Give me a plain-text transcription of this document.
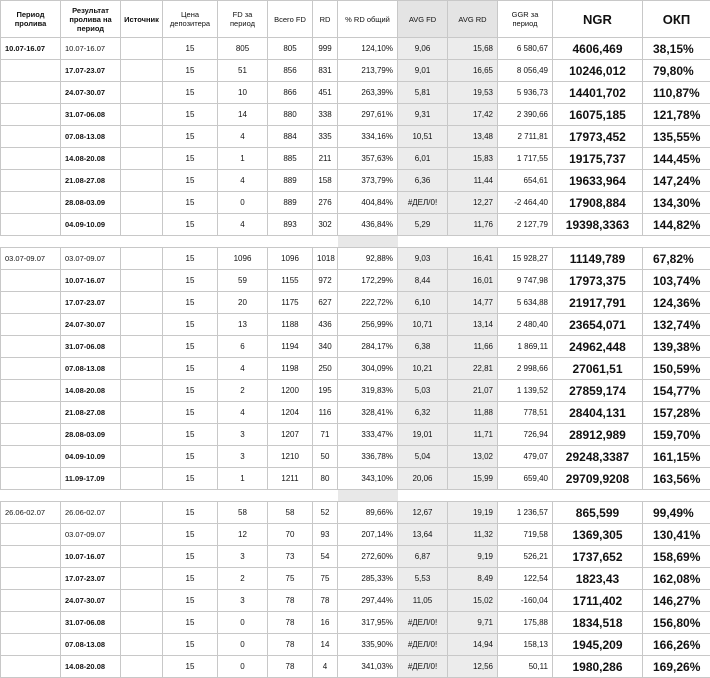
Период пролива	Результат пролива на период	Источник	Цена депозитера	FD за период	Всего FD	RD	% RD общий	AVG FD	AVG RD	GGR за период	NGR	ОКП
10.07-16.07	10.07-16.07		15	805	805	999	124,10%	9,06	15,68	6 580,67	4606,469	38,15%
	17.07-23.07		15	51	856	831	213,79%	9,01	16,65	8 056,49	10246,012	79,80%
	24.07-30.07		15	10	866	451	263,39%	5,81	19,53	5 936,73	14401,702	110,87%
	31.07-06.08		15	14	880	338	297,61%	9,31	17,42	2 390,66	16075,185	121,78%
	07.08-13.08		15	4	884	335	334,16%	10,51	13,48	2 711,81	17973,452	135,55%
	14.08-20.08		15	1	885	211	357,63%	6,01	15,83	1 717,55	19175,737	144,45%
	21.08-27.08		15	4	889	158	373,79%	6,36	11,44	654,61	19633,964	147,24%
	28.08-03.09		15	0	889	276	404,84%	#ДЕЛ/0!	12,27	-2 464,40	17908,884	134,30%
	04.09-10.09		15	4	893	302	436,84%	5,29	11,76	2 127,79	19398,3363	144,82%

03.07-09.07	03.07-09.07		15	1096	1096	1018	92,88%	9,03	16,41	15 928,27	11149,789	67,82%
	10.07-16.07		15	59	1155	972	172,29%	8,44	16,01	9 747,98	17973,375	103,74%
	17.07-23.07		15	20	1175	627	222,72%	6,10	14,77	5 634,88	21917,791	124,36%
	24.07-30.07		15	13	1188	436	256,99%	10,71	13,14	2 480,40	23654,071	132,74%
	31.07-06.08		15	6	1194	340	284,17%	6,38	11,66	1 869,11	24962,448	139,38%
	07.08-13.08		15	4	1198	250	304,09%	10,21	22,81	2 998,66	27061,51	150,59%
	14.08-20.08		15	2	1200	195	319,83%	5,03	21,07	1 139,52	27859,174	154,77%
	21.08-27.08		15	4	1204	116	328,41%	6,32	11,88	778,51	28404,131	157,28%
	28.08-03.09		15	3	1207	71	333,47%	19,01	11,71	726,94	28912,989	159,70%
	04.09-10.09		15	3	1210	50	336,78%	5,04	13,02	479,07	29248,3387	161,15%
	11.09-17.09		15	1	1211	80	343,10%	20,06	15,99	659,40	29709,9208	163,56%

26.06-02.07	26.06-02.07		15	58	58	52	89,66%	12,67	19,19	1 236,57	865,599	99,49%
	03.07-09.07		15	12	70	93	207,14%	13,64	11,32	719,58	1369,305	130,41%
	10.07-16.07		15	3	73	54	272,60%	6,87	9,19	526,21	1737,652	158,69%
	17.07-23.07		15	2	75	75	285,33%	5,53	8,49	122,54	1823,43	162,08%
	24.07-30.07		15	3	78	78	297,44%	11,05	15,02	-160,04	1711,402	146,27%
	31.07-06.08		15	0	78	16	317,95%	#ДЕЛ/0!	9,71	175,88	1834,518	156,80%
	07.08-13.08		15	0	78	14	335,90%	#ДЕЛ/0!	14,94	158,13	1945,209	166,26%
	14.08-20.08		15	0	78	4	341,03%	#ДЕЛ/0!	12,56	50,11	1980,286	169,26%
